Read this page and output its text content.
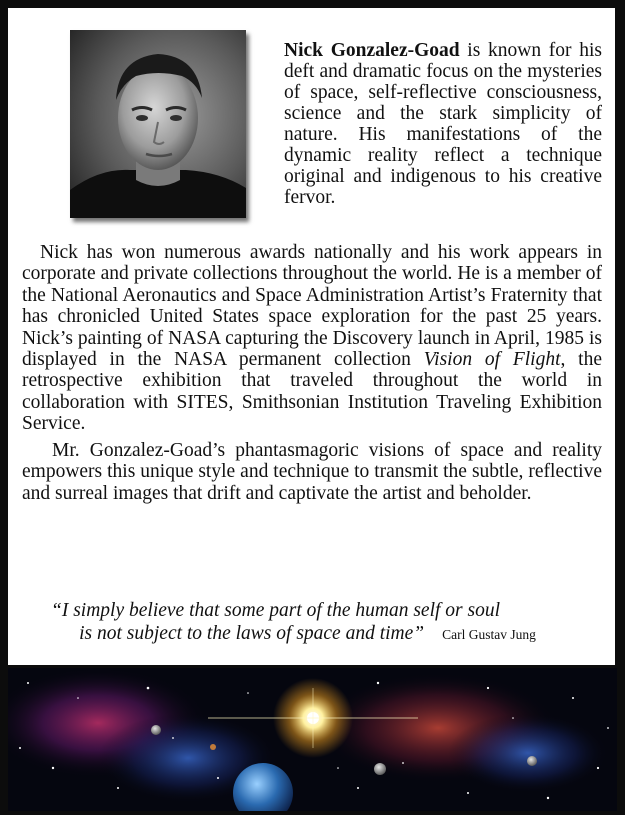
Nick Gonzalez-Goad is known for his deft and dramatic focus on the mysteries of space, self-reflective consciousness, science and the stark simplicity of nature. His manifestations of the dynamic reality reflect a technique original and indigenous to his creative fervor.

Nick has won numerous awards nationally and his work appears in corporate and private collections throughout the world. He is a member of the National Aeronautics and Space Administration Artist’s Fraternity that has chronicled United States space exploration for the past 25 years. Nick’s painting of NASA capturing the Discovery launch in April, 1985 is displayed in the NASA permanent collection Vision of Flight, the retrospective exhibition that traveled throughout the world in collaboration with SITES, Smithsonian Institution Traveling Exhibition Service.

Mr. Gonzalez-Goad’s phantasmagoric visions of space and reality empowers this unique style and technique to transmit the subtle, reflective and surreal images that drift and captivate the artist and beholder.

“I simply believe that some part of the human self or soul
is not subject to the laws of space and time” Carl Gustav Jung
